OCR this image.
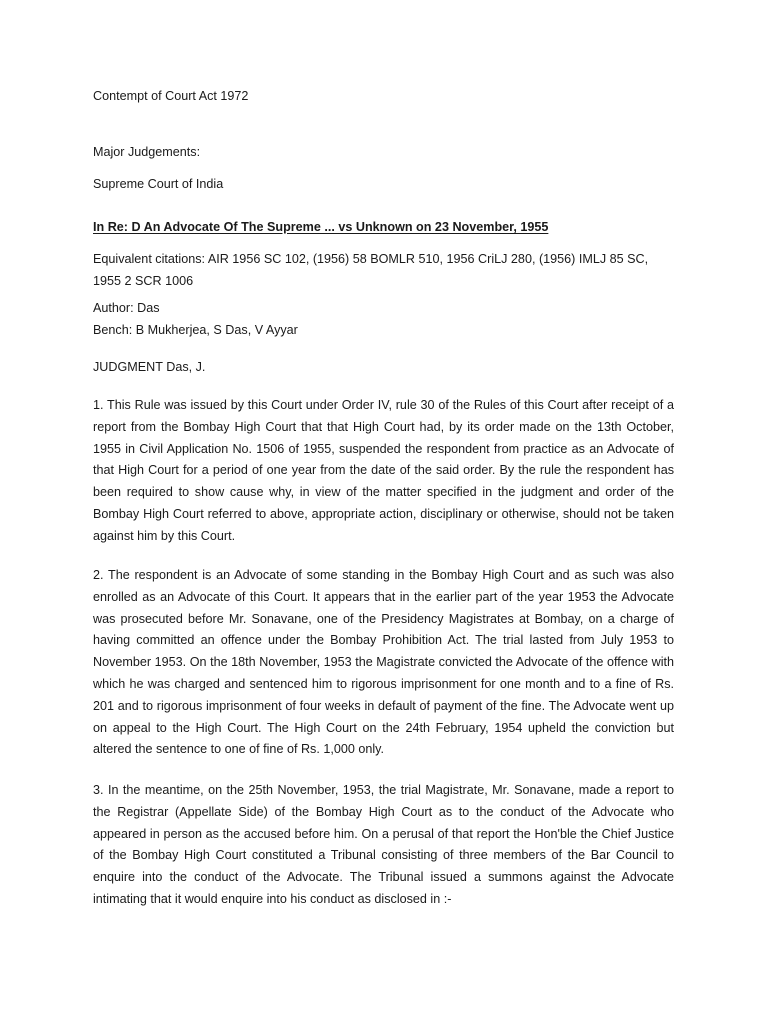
Contempt of Court Act 1972
Major Judgements:
Supreme Court of India
In Re: D An Advocate Of The Supreme ... vs Unknown on 23 November, 1955
Equivalent citations: AIR 1956 SC 102, (1956) 58 BOMLR 510, 1956 CriLJ 280, (1956) IMLJ 85 SC, 1955 2 SCR 1006
Author: Das
Bench: B Mukherjea, S Das, V Ayyar
JUDGMENT Das, J.
1. This Rule was issued by this Court under Order IV, rule 30 of the Rules of this Court after receipt of a report from the Bombay High Court that that High Court had, by its order made on the 13th October, 1955 in Civil Application No. 1506 of 1955, suspended the respondent from practice as an Advocate of that High Court for a period of one year from the date of the said order. By the rule the respondent has been required to show cause why, in view of the matter specified in the judgment and order of the Bombay High Court referred to above, appropriate action, disciplinary or otherwise, should not be taken against him by this Court.
2. The respondent is an Advocate of some standing in the Bombay High Court and as such was also enrolled as an Advocate of this Court. It appears that in the earlier part of the year 1953 the Advocate was prosecuted before Mr. Sonavane, one of the Presidency Magistrates at Bombay, on a charge of having committed an offence under the Bombay Prohibition Act. The trial lasted from July 1953 to November 1953. On the 18th November, 1953 the Magistrate convicted the Advocate of the offence with which he was charged and sentenced him to rigorous imprisonment for one month and to a fine of Rs. 201 and to rigorous imprisonment of four weeks in default of payment of the fine. The Advocate went up on appeal to the High Court. The High Court on the 24th February, 1954 upheld the conviction but altered the sentence to one of fine of Rs. 1,000 only.
3. In the meantime, on the 25th November, 1953, the trial Magistrate, Mr. Sonavane, made a report to the Registrar (Appellate Side) of the Bombay High Court as to the conduct of the Advocate who appeared in person as the accused before him. On a perusal of that report the Hon'ble the Chief Justice of the Bombay High Court constituted a Tribunal consisting of three members of the Bar Council to enquire into the conduct of the Advocate. The Tribunal issued a summons against the Advocate intimating that it would enquire into his conduct as disclosed in :-
